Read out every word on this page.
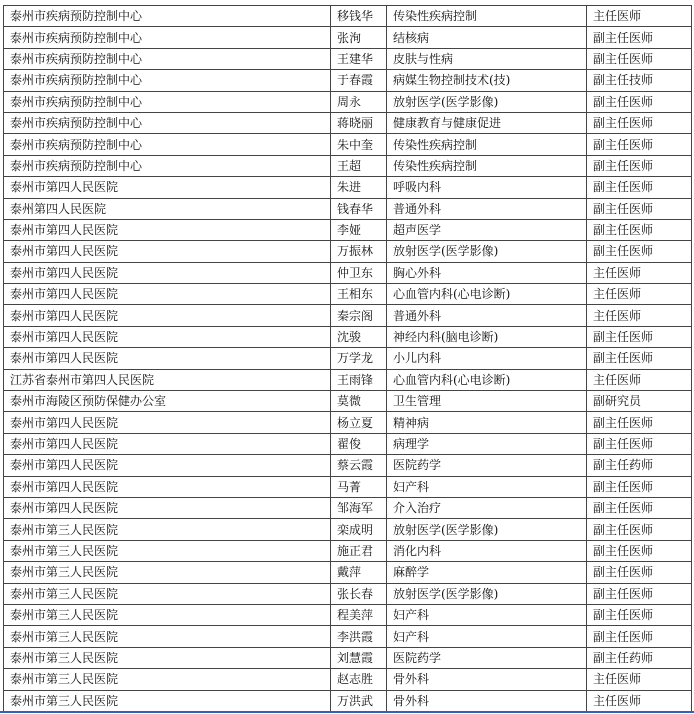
泰州市疾病预防控制中心	移钱华	传染性疾病控制	主任医师
泰州市疾病预防控制中心	张洵	结核病	副主任医师
泰州市疾病预防控制中心	王建华	皮肤与性病	副主任医师
泰州市疾病预防控制中心	于春霞	病媒生物控制技术(技)	副主任技师
泰州市疾病预防控制中心	周永	放射医学(医学影像)	副主任医师
泰州市疾病预防控制中心	蒋晓丽	健康教育与健康促进	副主任医师
泰州市疾病预防控制中心	朱中奎	传染性疾病控制	副主任医师
泰州市疾病预防控制中心	王超	传染性疾病控制	副主任医师
泰州市第四人民医院	朱进	呼吸内科	副主任医师
泰州第四人民医院	钱春华	普通外科	副主任医师
泰州市第四人民医院	李娅	超声医学	副主任医师
泰州市第四人民医院	万振林	放射医学(医学影像)	副主任医师
泰州市第四人民医院	仲卫东	胸心外科	主任医师
泰州市第四人民医院	王相东	心血管内科(心电诊断)	主任医师
泰州市第四人民医院	秦宗阁	普通外科	主任医师
泰州市第四人民医院	沈骏	神经内科(脑电诊断)	副主任医师
泰州市第四人民医院	万学龙	小儿内科	副主任医师
江苏省泰州市第四人民医院	王雨锋	心血管内科(心电诊断)	主任医师
泰州市海陵区预防保健办公室	莫微	卫生管理	副研究员
泰州市第四人民医院	杨立夏	精神病	副主任医师
泰州市第四人民医院	翟俊	病理学	副主任医师
泰州市第四人民医院	蔡云霞	医院药学	副主任药师
泰州市第四人民医院	马菁	妇产科	副主任医师
泰州市第四人民医院	邹海军	介入治疗	副主任医师
泰州市第三人民医院	栾成明	放射医学(医学影像)	副主任医师
泰州市第三人民医院	施正君	消化内科	副主任医师
泰州市第三人民医院	戴萍	麻醉学	副主任医师
泰州市第三人民医院	张长春	放射医学(医学影像)	副主任医师
泰州市第三人民医院	程美萍	妇产科	副主任医师
泰州市第三人民医院	李洪霞	妇产科	副主任医师
泰州市第三人民医院	刘慧霞	医院药学	副主任药师
泰州市第三人民医院	赵志胜	骨外科	主任医师
泰州市第三人民医院	万洪武	骨外科	主任医师
